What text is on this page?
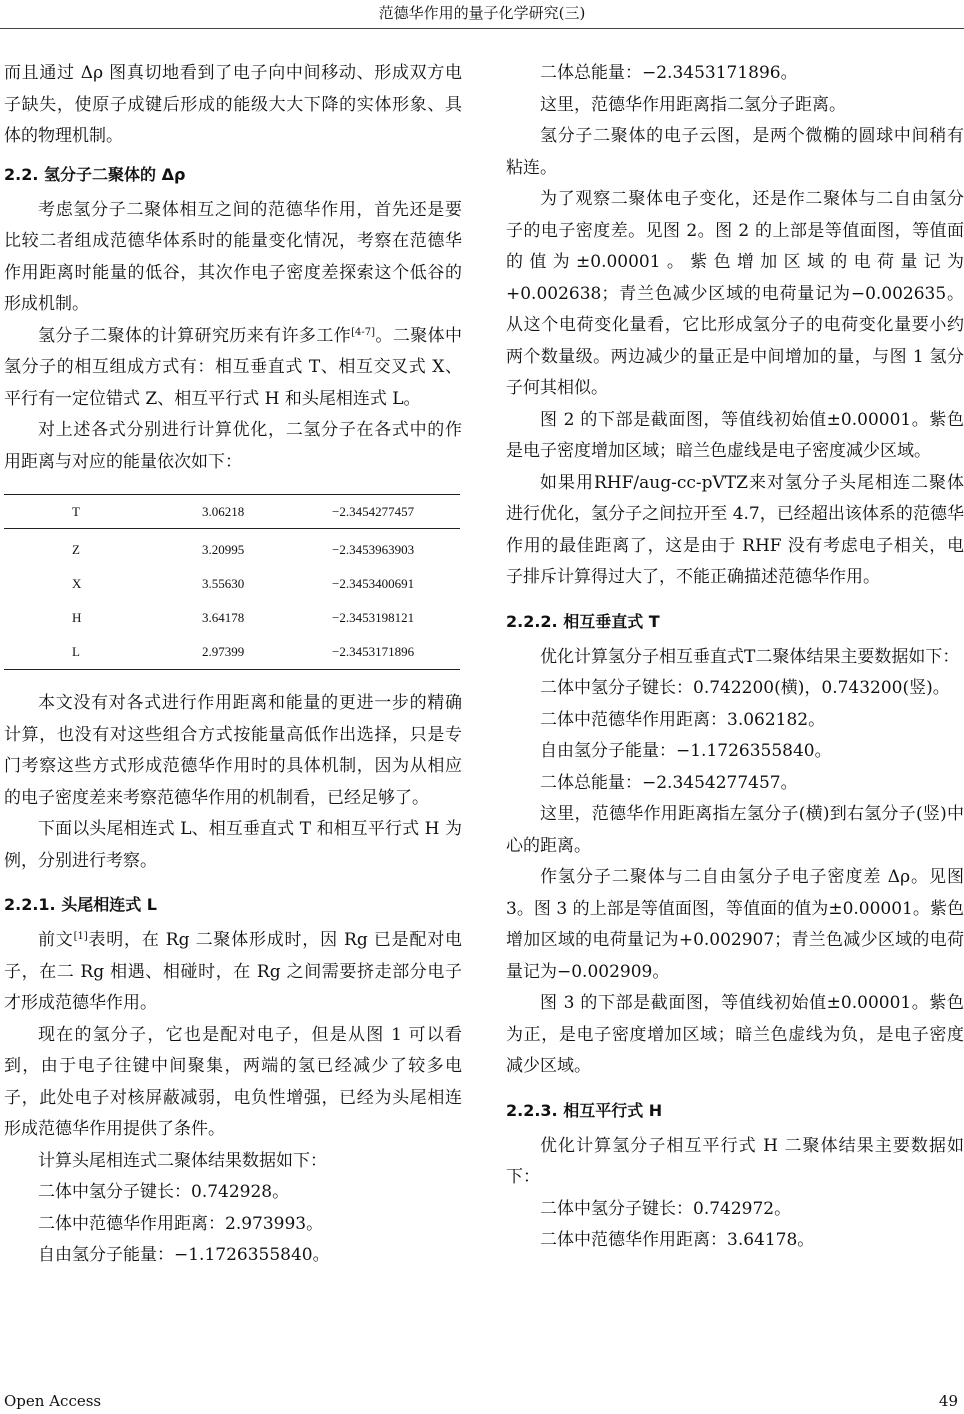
范德华作用的量子化学研究(三)

而且通过 Δρ 图真切地看到了电子向中间移动、形成双方电子缺失，使原子成键后形成的能级大大下降的实体形象、具体的物理机制。

2.2. 氢分子二聚体的 Δρ

考虑氢分子二聚体相互之间的范德华作用，首先还是要比较二者组成范德华体系时的能量变化情况，考察在范德华作用距离时能量的低谷，其次作电子密度差探索这个低谷的形成机制。

氢分子二聚体的计算研究历来有许多工作[4-7]。二聚体中氢分子的相互组成方式有：相互垂直式 T、相互交叉式 X、平行有一定位错式 Z、相互平行式 H 和头尾相连式 L。

对上述各式分别进行计算优化，二氢分子在各式中的作用距离与对应的能量依次如下：

T	3.06218	−2.3454277457
Z	3.20995	−2.3453963903
X	3.55630	−2.3453400691
H	3.64178	−2.3453198121
L	2.97399	−2.3453171896

本文没有对各式进行作用距离和能量的更进一步的精确计算，也没有对这些组合方式按能量高低作出选择，只是专门考察这些方式形成范德华作用时的具体机制，因为从相应的电子密度差来考察范德华作用的机制看，已经足够了。

下面以头尾相连式 L、相互垂直式 T 和相互平行式 H 为例，分别进行考察。

2.2.1. 头尾相连式 L

前文[1]表明，在 Rg 二聚体形成时，因 Rg 已是配对电子，在二 Rg 相遇、相碰时，在 Rg 之间需要挤走部分电子才形成范德华作用。

现在的氢分子，它也是配对电子，但是从图 1 可以看到，由于电子往键中间聚集，两端的氢已经减少了较多电子，此处电子对核屏蔽减弱，电负性增强，已经为头尾相连形成范德华作用提供了条件。

计算头尾相连式二聚体结果数据如下：

二体中氢分子键长：0.742928。

二体中范德华作用距离：2.973993。

自由氢分子能量：−1.1726355840。

二体总能量：−2.3453171896。

这里，范德华作用距离指二氢分子距离。

氢分子二聚体的电子云图，是两个微椭的圆球中间稍有粘连。

为了观察二聚体电子变化，还是作二聚体与二自由氢分子的电子密度差。见图 2。图 2 的上部是等值面图，等值面的值为±0.00001。紫色增加区域的电荷量记为+0.002638；青兰色减少区域的电荷量记为−0.002635。从这个电荷变化量看，它比形成氢分子的电荷变化量要小约两个数量级。两边减少的量正是中间增加的量，与图 1 氢分子何其相似。

图 2 的下部是截面图，等值线初始值±0.00001。紫色是电子密度增加区域；暗兰色虚线是电子密度减少区域。

如果用RHF/aug-cc-pVTZ来对氢分子头尾相连二聚体进行优化，氢分子之间拉开至 4.7，已经超出该体系的范德华作用的最佳距离了，这是由于 RHF 没有考虑电子相关，电子排斥计算得过大了，不能正确描述范德华作用。

2.2.2. 相互垂直式 T

优化计算氢分子相互垂直式T二聚体结果主要数据如下：

二体中氢分子键长：0.742200(横)，0.743200(竖)。

二体中范德华作用距离：3.062182。

自由氢分子能量：−1.1726355840。

二体总能量：−2.3454277457。

这里，范德华作用距离指左氢分子(横)到右氢分子(竖)中心的距离。

作氢分子二聚体与二自由氢分子电子密度差 Δρ。见图 3。图 3 的上部是等值面图，等值面的值为±0.00001。紫色增加区域的电荷量记为+0.002907；青兰色减少区域的电荷量记为−0.002909。

图 3 的下部是截面图，等值线初始值±0.00001。紫色为正，是电子密度增加区域；暗兰色虚线为负，是电子密度减少区域。

2.2.3. 相互平行式 H

优化计算氢分子相互平行式 H 二聚体结果主要数据如下：

二体中氢分子键长：0.742972。

二体中范德华作用距离：3.64178。

Open Access	49
